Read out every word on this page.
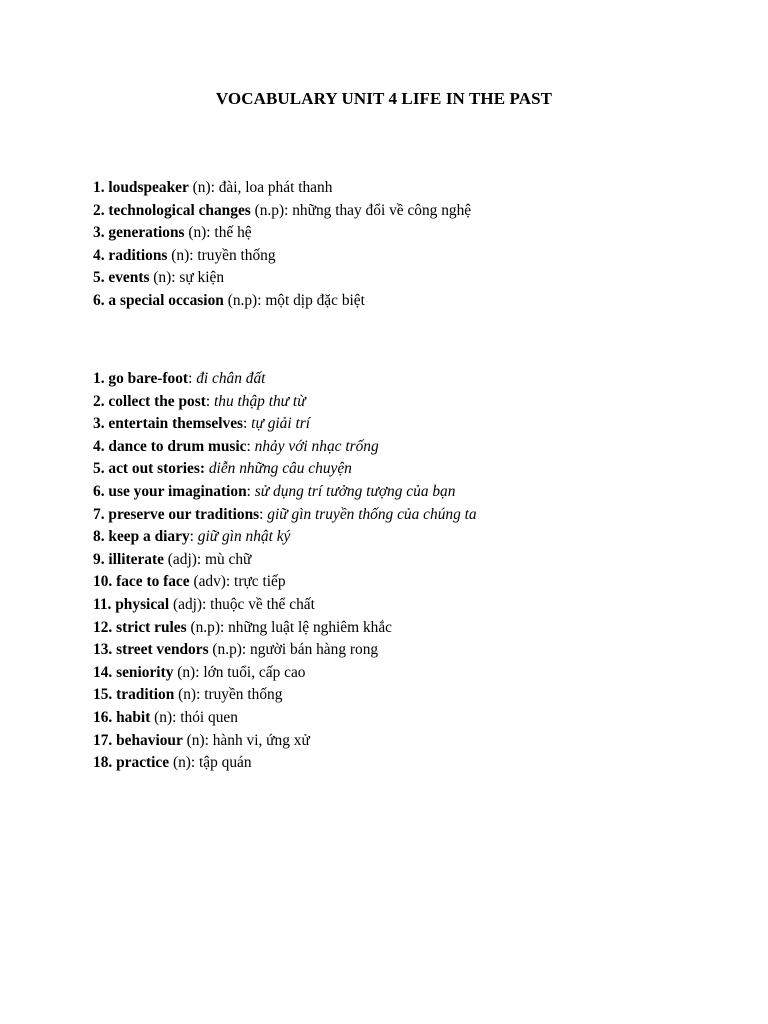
VOCABULARY UNIT 4 LIFE IN THE PAST
1. loudspeaker (n): đài, loa phát thanh
2. technological changes (n.p): những thay đổi về công nghệ
3. generations (n): thế hệ
4. raditions (n): truyền thống
5. events (n): sự kiện
6. a special occasion (n.p): một dịp đặc biệt
1. go bare-foot: đi chân đất
2. collect the post: thu thập thư từ
3. entertain themselves: tự giải trí
4. dance to drum music: nhảy với nhạc trống
5. act out stories: diễn những câu chuyện
6. use your imagination: sử dụng trí tưởng tượng của bạn
7. preserve our traditions: giữ gìn truyền thống của chúng ta
8. keep a diary: giữ gìn nhật ký
9. illiterate (adj): mù chữ
10. face to face (adv): trực tiếp
11. physical (adj): thuộc về thể chất
12. strict rules (n.p): những luật lệ nghiêm khắc
13. street vendors (n.p): người bán hàng rong
14. seniority (n): lớn tuổi, cấp cao
15. tradition (n): truyền thống
16. habit (n): thói quen
17. behaviour (n): hành vi, ứng xử
18. practice (n): tập quán
